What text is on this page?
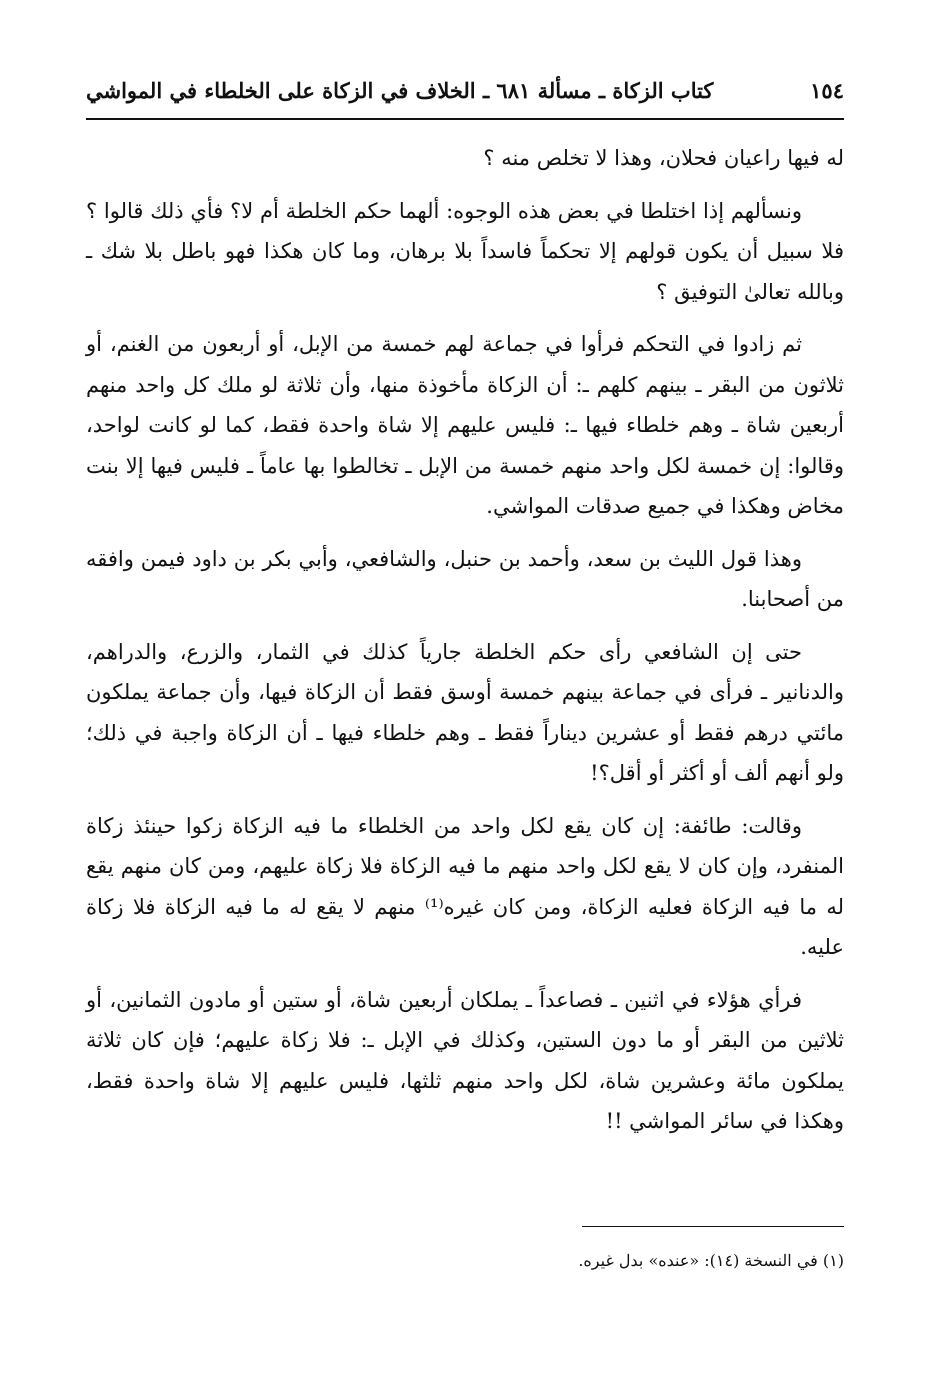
١٥٤
كتاب الزكاة ـ مسألة ٦٨١ ـ الخلاف في الزكاة على الخلطاء في المواشي

له فيها راعيان فحلان، وهذا لا تخلص منه ؟

ونسألهم إذا اختلطا في بعض هذه الوجوه: ألهما حكم الخلطة أم لا؟ فأي ذلك قالوا ؟ فلا سبيل أن يكون قولهم إلا تحكماً فاسداً بلا برهان، وما كان هكذا فهو باطل بلا شك ـ وبالله تعالىٰ التوفيق ؟

ثم زادوا في التحكم فرأوا في جماعة لهم خمسة من الإبل، أو أربعون من الغنم، أو ثلاثون من البقر ـ بينهم كلهم ـ: أن الزكاة مأخوذة منها، وأن ثلاثة لو ملك كل واحد منهم أربعين شاة ـ وهم خلطاء فيها ـ: فليس عليهم إلا شاة واحدة فقط، كما لو كانت لواحد، وقالوا: إن خمسة لكل واحد منهم خمسة من الإبل ـ تخالطوا بها عاماً ـ فليس فيها إلا بنت مخاض وهكذا في جميع صدقات المواشي.

وهذا قول الليث بن سعد، وأحمد بن حنبل، والشافعي، وأبي بكر بن داود فيمن وافقه من أصحابنا.

حتى إن الشافعي رأى حكم الخلطة جارياً كذلك في الثمار، والزرع، والدراهم، والدنانير ـ فرأى في جماعة بينهم خمسة أوسق فقط أن الزكاة فيها، وأن جماعة يملكون مائتي درهم فقط أو عشرين ديناراً فقط ـ وهم خلطاء فيها ـ أن الزكاة واجبة في ذلك؛ ولو أنهم ألف أو أكثر أو أقل؟!

وقالت: طائفة: إن كان يقع لكل واحد من الخلطاء ما فيه الزكاة زكوا حينئذ زكاة المنفرد، وإن كان لا يقع لكل واحد منهم ما فيه الزكاة فلا زكاة عليهم، ومن كان منهم يقع له ما فيه الزكاة فعليه الزكاة، ومن كان غيره⁽¹⁾ منهم لا يقع له ما فيه الزكاة فلا زكاة عليه.

فرأي هؤلاء في اثنين ـ فصاعداً ـ يملكان أربعين شاة، أو ستين أو مادون الثمانين، أو ثلاثين من البقر أو ما دون الستين، وكذلك في الإبل ـ: فلا زكاة عليهم؛ فإن كان ثلاثة يملكون مائة وعشرين شاة، لكل واحد منهم ثلثها، فليس عليهم إلا شاة واحدة فقط، وهكذا في سائر المواشي !!

(١) في النسخة (١٤): «عنده» بدل غيره.
